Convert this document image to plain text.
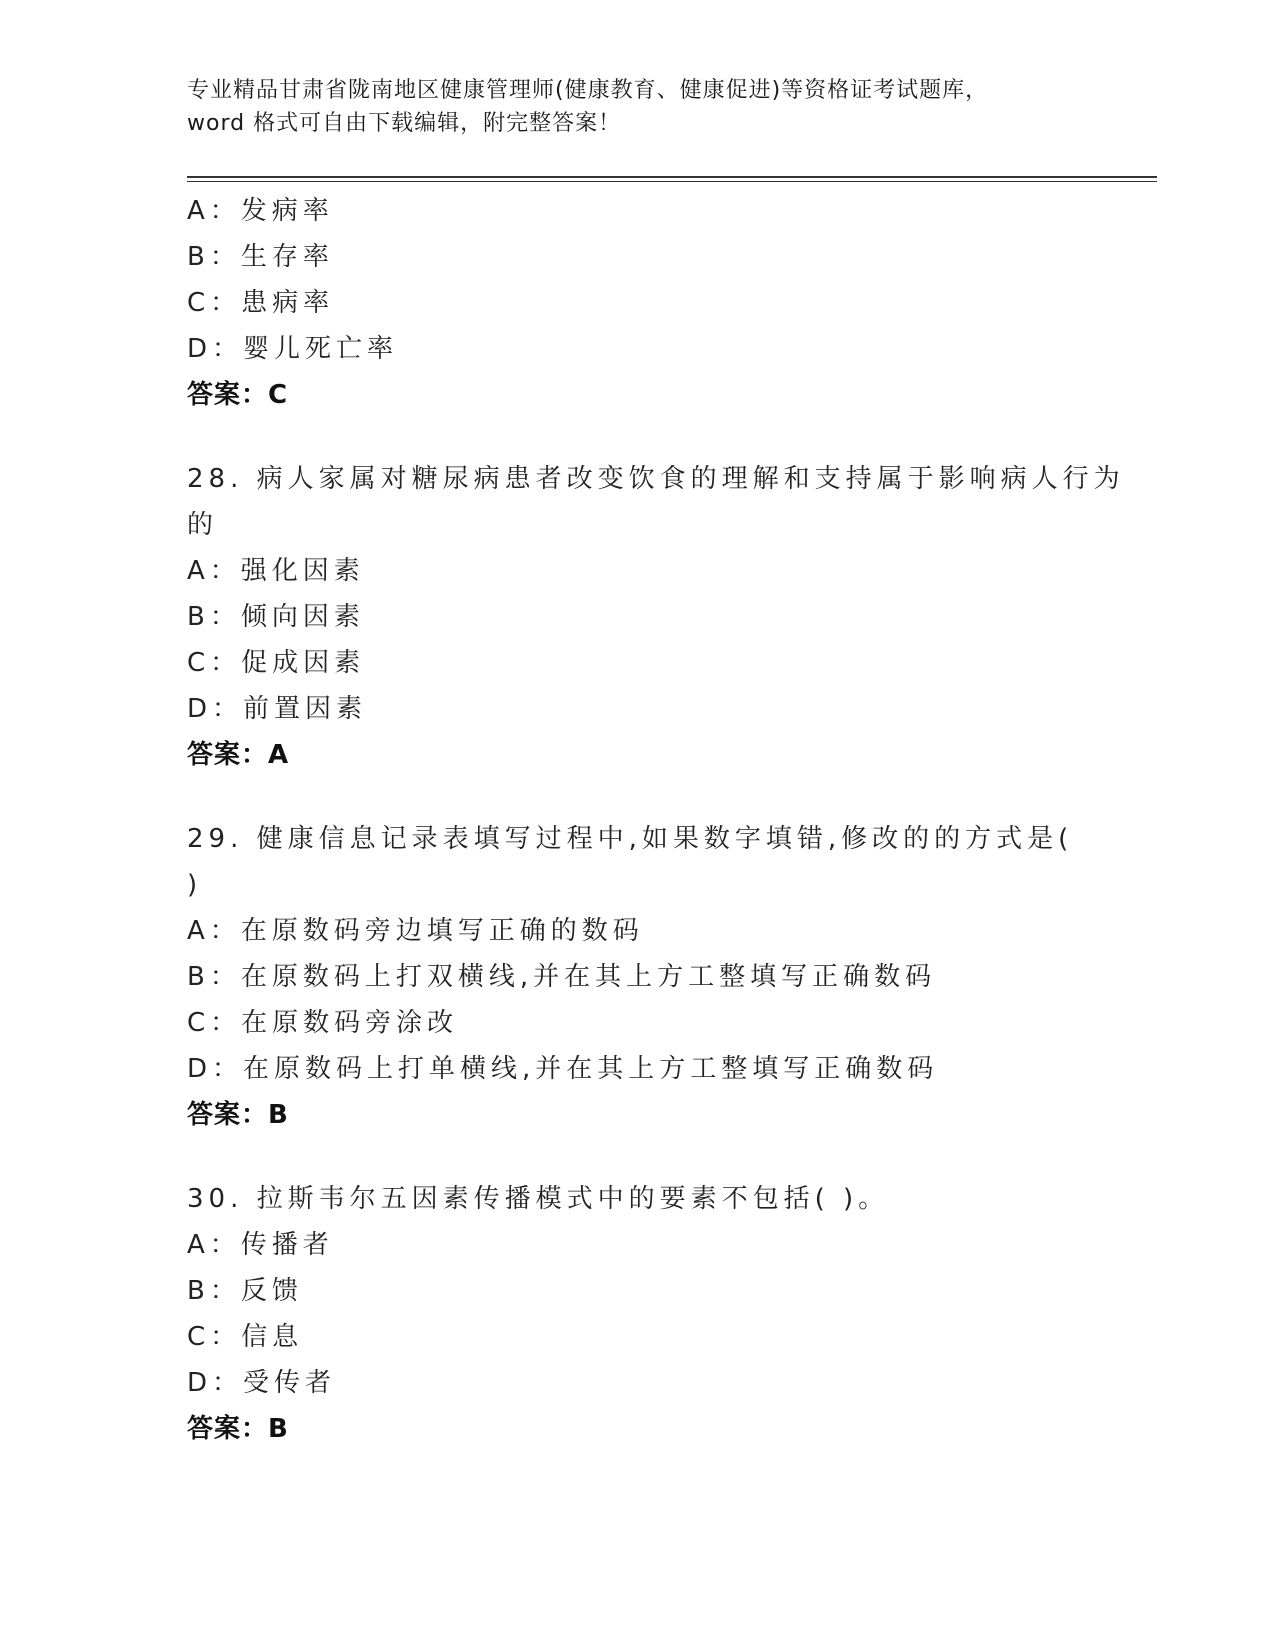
专业精品甘肃省陇南地区健康管理师(健康教育、健康促进)等资格证考试题库，
word 格式可自由下载编辑，附完整答案！
A：发病率
B：生存率
C：患病率
D：婴儿死亡率
答案：C
28. 病人家属对糖尿病患者改变饮食的理解和支持属于影响病人行为
的
A：强化因素
B：倾向因素
C：促成因素
D：前置因素
答案：A
29. 健康信息记录表填写过程中,如果数字填错,修改的的方式是(
)
A：在原数码旁边填写正确的数码
B：在原数码上打双横线,并在其上方工整填写正确数码
C：在原数码旁涂改
D：在原数码上打单横线,并在其上方工整填写正确数码
答案：B
30. 拉斯韦尔五因素传播模式中的要素不包括( )。
A：传播者
B：反馈
C：信息
D：受传者
答案：B
